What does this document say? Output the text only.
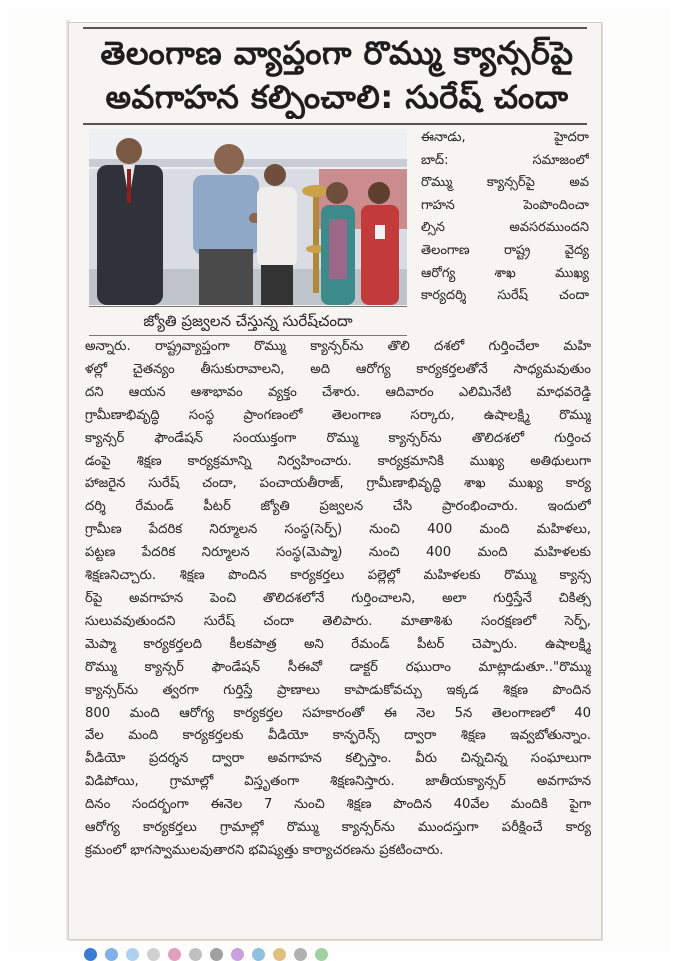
తెలంగాణ వ్యాప్తంగా రొమ్ము క్యాన్సర్‌పై
అవగాహన కల్పించాలి: సురేష్ చందా
జ్యోతి ప్రజ్వలన చేస్తున్న సురేష్‌చందా
ఈనాడు, హైదరా
బాద్: సమాజంలో
రొమ్ము క్యాన్సర్‌పై అవ
గాహన పెంపొందించా
ల్సిన అవసరముందని
తెలంగాణ రాష్ట్ర వైద్య
ఆరోగ్య శాఖ ముఖ్య
కార్యదర్శి సురేష్ చందా
అన్నారు. రాష్ట్రవ్యాప్తంగా రొమ్ము క్యాన్సర్‌ను తొలి దశలో గుర్తించేలా మహి
ళల్లో చైతన్యం తీసుకురావాలని, అది ఆరోగ్య కార్యకర్తలతోనే సాధ్యమవుతుం
దని ఆయన ఆశాభావం వ్యక్తం చేశారు. ఆదివారం ఎలిమినేటి మాధవరెడ్డి
గ్రామీణాభివృద్ధి సంస్థ ప్రాంగణంలో తెలంగాణ సర్కారు, ఉషాలక్ష్మి రొమ్ము
క్యాన్సర్ ఫౌండేషన్ సంయుక్తంగా రొమ్ము క్యాన్సర్‌ను తొలిదశలో గుర్తించ
డంపై శిక్షణ కార్యక్రమాన్ని నిర్వహించారు. కార్యక్రమానికి ముఖ్య అతిథులుగా
హాజరైన సురేష్ చందా, పంచాయతీరాజ్, గ్రామీణాభివృద్ధి శాఖ ముఖ్య కార్య
దర్శి రేమండ్ పీటర్ జ్యోతి ప్రజ్వలన చేసి ప్రారంభించారు. ఇందులో
గ్రామీణ పేదరిక నిర్మూలన సంస్థ(సెర్ప్) నుంచి 400 మంది మహిళలు,
పట్టణ పేదరిక నిర్మూలన సంస్థ(మెప్మా) నుంచి 400 మంది మహిళలకు
శిక్షణనిచ్చారు. శిక్షణ పొందిన కార్యకర్తలు పల్లెల్లో మహిళలకు రొమ్ము క్యాన్స
ర్‌పై అవగాహన పెంచి తొలిదశలోనే గుర్తించాలని, అలా గుర్తిస్తేనే చికిత్స
సులువవుతుందని సురేష్ చందా తెలిపారు. మాతాశిశు సంరక్షణలో సెర్ప్,
మెప్మా కార్యకర్తలది కీలకపాత్ర అని రేమండ్ పీటర్ చెప్పారు. ఉషాలక్ష్మి
రొమ్ము క్యాన్సర్ ఫౌండేషన్ సీఈవో డాక్టర్ రఘురాం మాట్లాడుతూ.."రొమ్ము
క్యాన్సర్‌ను త్వరగా గుర్తిస్తే ప్రాణాలు కాపాడుకోవచ్చు ఇక్కడ శిక్షణ పొందిన
800 మంది ఆరోగ్య కార్యకర్తల సహకారంతో ఈ నెల 5న తెలంగాణలో 40
వేల మంది కార్యకర్తలకు వీడియో కాన్ఫరెన్స్ ద్వారా శిక్షణ ఇవ్వబోతున్నాం.
వీడియో ప్రదర్శన ద్వారా అవగాహన కల్పిస్తాం. వీరు చిన్నచిన్న సంఘాలుగా
విడిపోయి, గ్రామాల్లో విస్తృతంగా శిక్షణనిస్తారు. జాతీయక్యాన్సర్ అవగాహన
దినం సందర్భంగా ఈనెల 7 నుంచి శిక్షణ పొందిన 40వేల మందికి పైగా
ఆరోగ్య కార్యకర్తలు గ్రామాల్లో రొమ్ము క్యాన్సర్‌ను ముందస్తుగా పరీక్షించే కార్య
క్రమంలో భాగస్వాములవుతారని భవిష్యత్తు కార్యాచరణను ప్రకటించారు.
